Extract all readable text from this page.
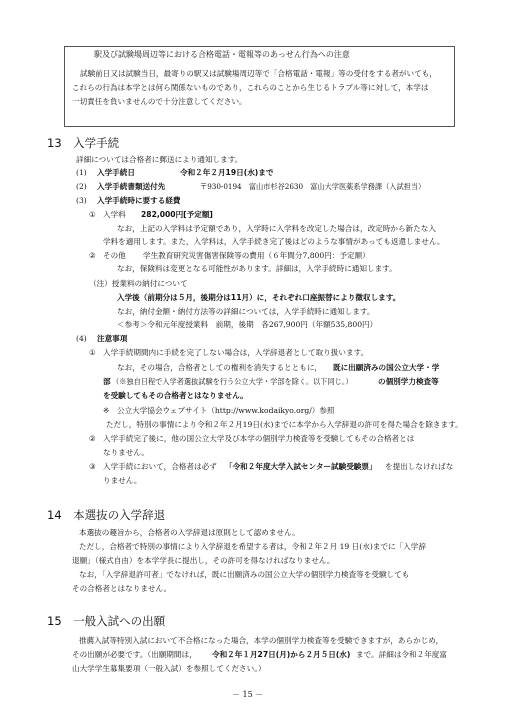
駅及び試験場周辺等における合格電話・電報等のあっせん行為への注意
試験前日又は試験当日，最寄りの駅又は試験場周辺等で「合格電話・電報」等の受付をする者がいても，
これらの行為は本学とは何ら関係ないものであり，これらのことから生じるトラブル等に対して，本学は
一切責任を負いませんので十分注意してください。
13　入学手続
詳細については合格者に郵送により通知します。
(1) 入学手続日	令和２年２月19日(水)まで
(2) 入学手続書類送付先	〒930-0194　富山市杉谷2630　富山大学医薬系学務課（入試担当）
(3) 入学手続時に要する経費
① 入学料 282,000円[予定額]
なお，上記の入学料は予定額であり，入学時に入学料を改定した場合は，改定時から新たな入
学料を適用します。また，入学料は，入学手続き完了後はどのような事情があっても返還しません。
② その他 学生教育研究災害傷害保険等の費用（６年間分7,800円：予定額）
なお，保険料は変更となる可能性があります。詳細は，入学手続時に通知します。
（注）授業料の納付について
入学後（前期分は５月，後期分は11月）に，それぞれ口座振替により徴収します。
なお，納付金額・納付方法等の詳細については，入学手続時に通知します。
＜参考＞令和元年度授業料　前期，後期　各267,900円（年額535,800円）
(4) 注意事項
① 入学手続期間内に手続を完了しない場合は，入学辞退者として取り扱います。
なお，その場合，合格者としての権利を消失するとともに， 既に出願済みの国公立大学・学
部 （※独自日程で入学者選抜試験を行う公立大学・学部を除く。以下同じ。）	の個別学力検査等
を受験してもその合格者とはなりません。
※ 公立大学協会ウェブサイト（http://www.kodaikyo.org/）参照
ただし，特別の事情により令和２年２月19日(水)までに本学から入学辞退の許可を得た場合を除きます。
② 入学手続完了後に，他の国公立大学及び本学の個別学力検査等を受験してもその合格者とは
なりません。
③ 入学手続において，合格者は必ず 「令和２年度大学入試センター試験受験票」 を提出しなければな
りません。
14　本選抜の入学辞退
本選抜の趣旨から，合格者の入学辞退は原則として認めません。
ただし，合格者で特別の事情により入学辞退を希望する者は，令和２年２月 19 日(水)までに「入学辞
退願」（様式自由）を本学学長に提出し，その許可を得なければなりません。
なお，「入学辞退許可者」でなければ，既に出願済みの国公立大学の個別学力検査等を受験しても
その合格者とはなりません。
15　一般入試への出願
推薦入試等特別入試において不合格になった場合，本学の個別学力検査等を受験できますが，あらかじめ，
その出願が必要です。（出願期間は， 令和２年１月27日(月)から２月５日(水) まで。詳細は令和２年度富
山大学学生募集要項（一般入試）を参照してください。）
－ 15 －
